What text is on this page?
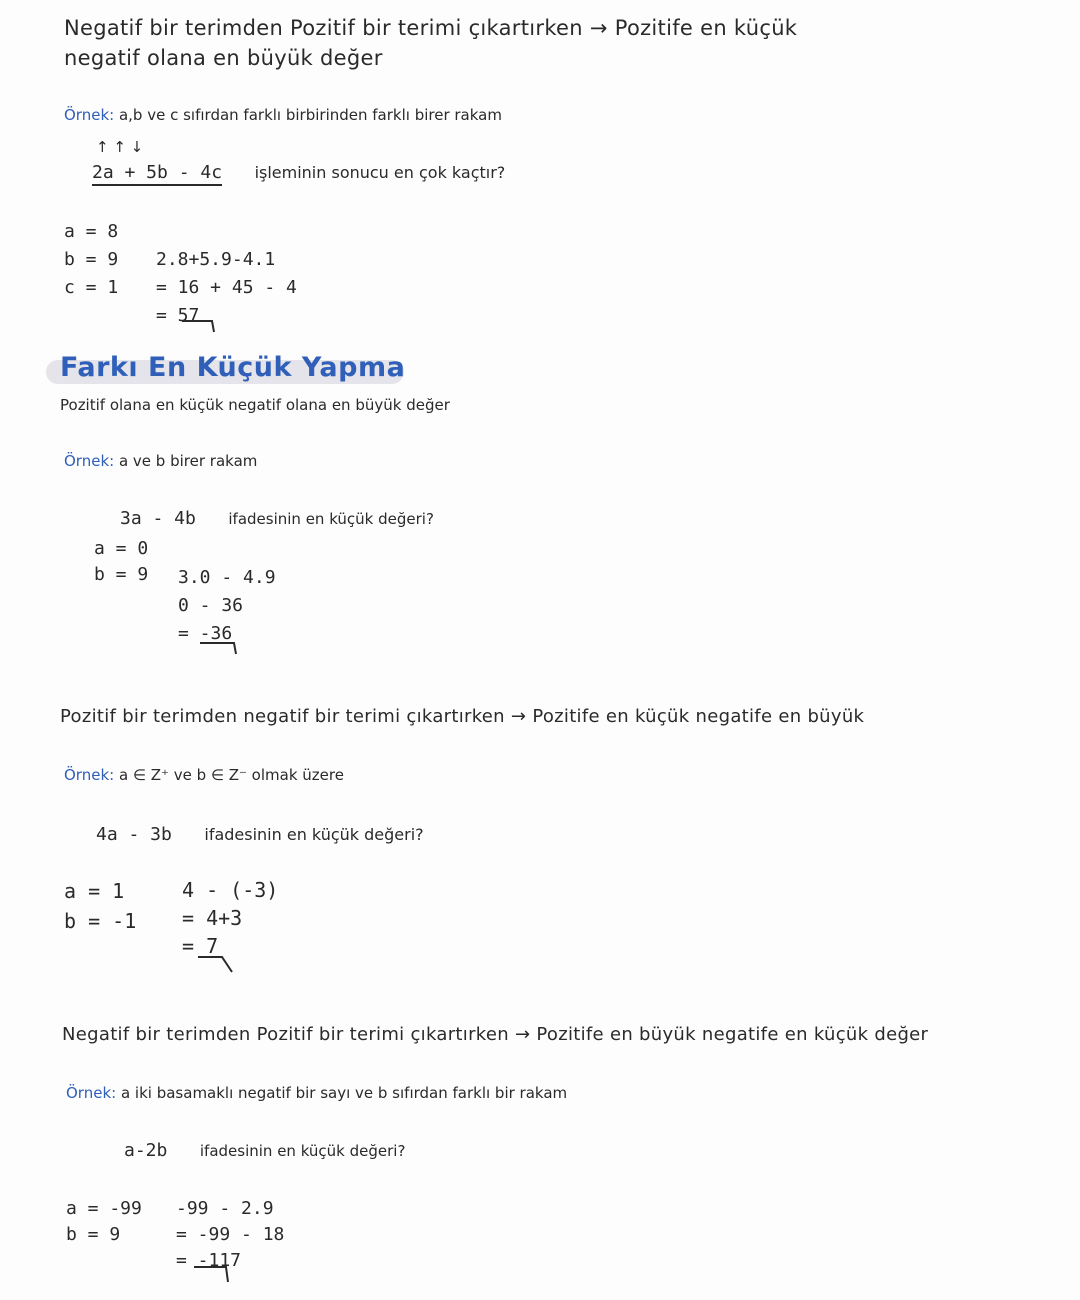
Negatif bir terimden Pozitif bir terimi çıkartırken → Pozitife en küçük
negatif olana en büyük değer
Örnek: a,b ve c sıfırdan farklı birbirinden farklı birer rakam
↑ ↑ ↓
2a + 5b - 4c işleminin sonucu en çok kaçtır?
a = 8
b = 9
c = 1
2.8+5.9-4.1
= 16 + 45 - 4
= 57
Farkı En Küçük Yapma
Pozitif olana en küçük negatif olana en büyük değer
Örnek: a ve b birer rakam
3a - 4b ifadesinin en küçük değeri?
a = 0
b = 9 3.0 - 4.9
0 - 36
= -36
Pozitif bir terimden negatif bir terimi çıkartırken → Pozitife en küçük negatife en büyük
Örnek: a ∈ Z⁺ ve b ∈ Z⁻ olmak üzere
4a - 3b ifadesinin en küçük değeri?
a = 1
b = -1
4 - (-3)
= 4+3
= 7
Negatif bir terimden Pozitif bir terimi çıkartırken → Pozitife en büyük negatife en küçük değer
Örnek: a iki basamaklı negatif bir sayı ve b sıfırdan farklı bir rakam
a-2b ifadesinin en küçük değeri?
a = -99
b = 9
-99 - 2.9
= -99 - 18
= -117
